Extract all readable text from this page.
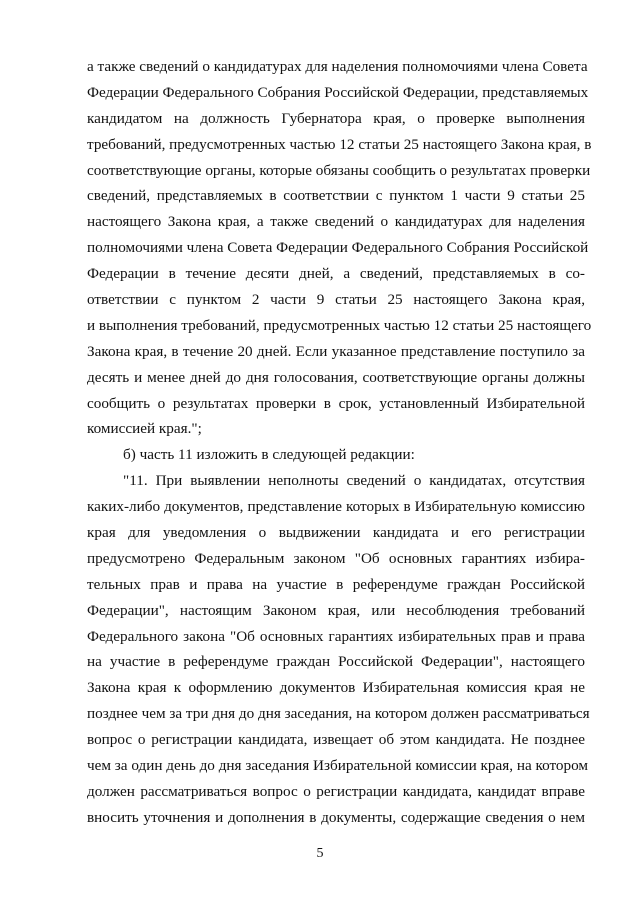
а также сведений о кандидатурах для наделения полномочиями члена Совета
Федерации Федерального Собрания Российской Федерации, представляемых
кандидатом на должность Губернатора края, о проверке выполнения
требований, предусмотренных частью 12 статьи 25 настоящего Закона края, в
соответствующие органы, которые обязаны сообщить о результатах проверки
сведений, представляемых в соответствии с пунктом 1 части 9 статьи 25
настоящего Закона края, а также сведений о кандидатурах для наделения
полномочиями члена Совета Федерации Федерального Собрания Российской
Федерации в течение десяти дней, а сведений, представляемых в со-
ответствии с пунктом 2 части 9 статьи 25 настоящего Закона края,
и выполнения требований, предусмотренных частью 12 статьи 25 настоящего
Закона края, в течение 20 дней. Если указанное представление поступило за
десять и менее дней до дня голосования, соответствующие органы должны
сообщить о результатах проверки в срок, установленный Избирательной
комиссией края.";
б) часть 11 изложить в следующей редакции:
"11. При выявлении неполноты сведений о кандидатах, отсутствия
каких-либо документов, представление которых в Избирательную комиссию
края для уведомления о выдвижении кандидата и его регистрации
предусмотрено Федеральным законом "Об основных гарантиях избира-
тельных прав и права на участие в референдуме граждан Российской
Федерации", настоящим Законом края, или несоблюдения требований
Федерального закона "Об основных гарантиях избирательных прав и права
на участие в референдуме граждан Российской Федерации", настоящего
Закона края к оформлению документов Избирательная комиссия края не
позднее чем за три дня до дня заседания, на котором должен рассматриваться
вопрос о регистрации кандидата, извещает об этом кандидата. Не позднее
чем за один день до дня заседания Избирательной комиссии края, на котором
должен рассматриваться вопрос о регистрации кандидата, кандидат вправе
вносить уточнения и дополнения в документы, содержащие сведения о нем
5
